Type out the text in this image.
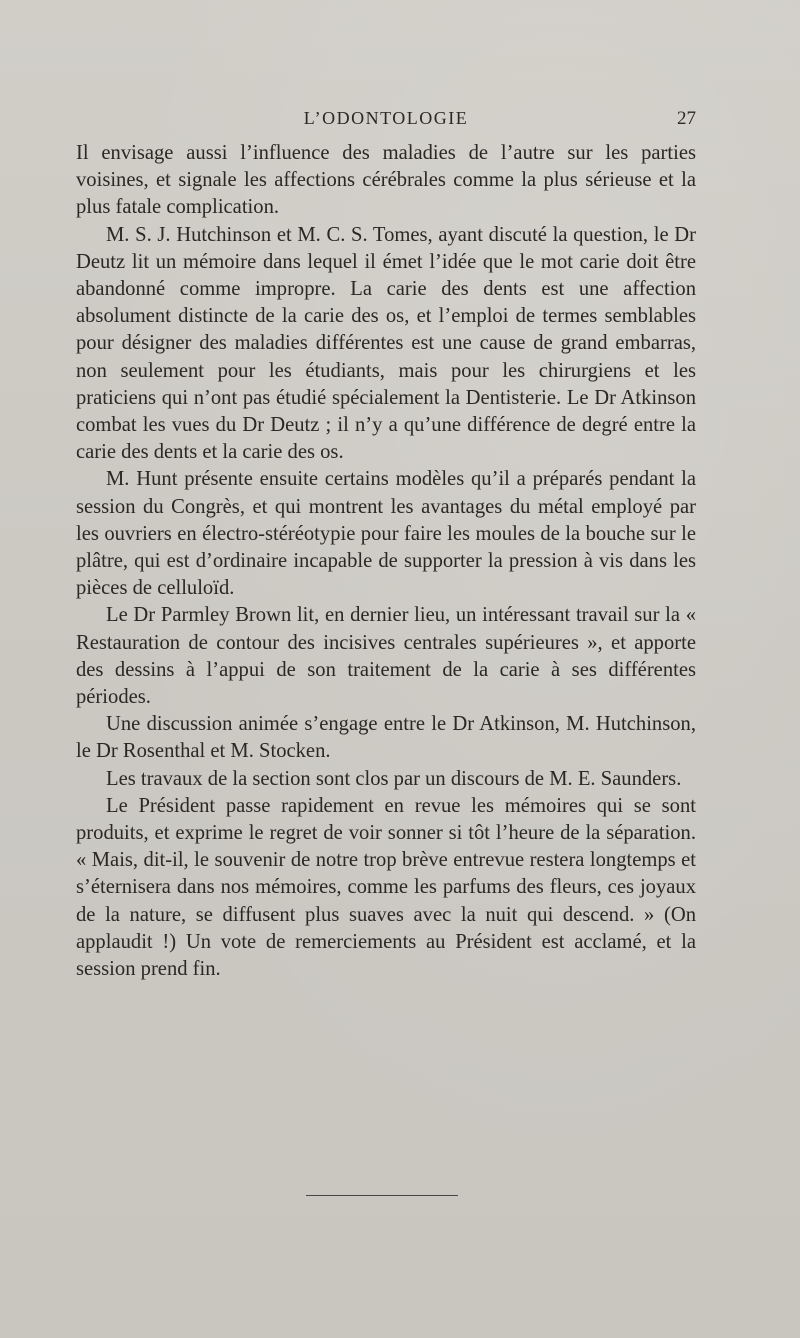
L’ODONTOLOGIE	27

Il envisage aussi l’influence des maladies de l’autre sur les parties voisines, et signale les affections cérébrales comme la plus sérieuse et la plus fatale complication.

M. S. J. Hutchinson et M. C. S. Tomes, ayant discuté la question, le Dr Deutz lit un mémoire dans lequel il émet l’idée que le mot carie doit être abandonné comme impropre. La carie des dents est une affection absolument distincte de la carie des os, et l’emploi de termes semblables pour désigner des maladies différentes est une cause de grand embarras, non seulement pour les étudiants, mais pour les chirurgiens et les praticiens qui n’ont pas étudié spécialement la Dentisterie. Le Dr Atkinson combat les vues du Dr Deutz ; il n’y a qu’une différence de degré entre la carie des dents et la carie des os.

M. Hunt présente ensuite certains modèles qu’il a préparés pendant la session du Congrès, et qui montrent les avantages du métal employé par les ouvriers en électro-stéréotypie pour faire les moules de la bouche sur le plâtre, qui est d’ordinaire incapable de supporter la pression à vis dans les pièces de celluloïd.

Le Dr Parmley Brown lit, en dernier lieu, un intéressant travail sur la « Restauration de contour des incisives centrales supérieures », et apporte des dessins à l’appui de son traitement de la carie à ses différentes périodes.

Une discussion animée s’engage entre le Dr Atkinson, M. Hutchinson, le Dr Rosenthal et M. Stocken.

Les travaux de la section sont clos par un discours de M. E. Saunders.

Le Président passe rapidement en revue les mémoires qui se sont produits, et exprime le regret de voir sonner si tôt l’heure de la séparation. « Mais, dit-il, le souvenir de notre trop brève entrevue restera longtemps et s’éternisera dans nos mémoires, comme les parfums des fleurs, ces joyaux de la nature, se diffusent plus suaves avec la nuit qui descend. » (On applaudit !) Un vote de remerciements au Président est acclamé, et la session prend fin.
